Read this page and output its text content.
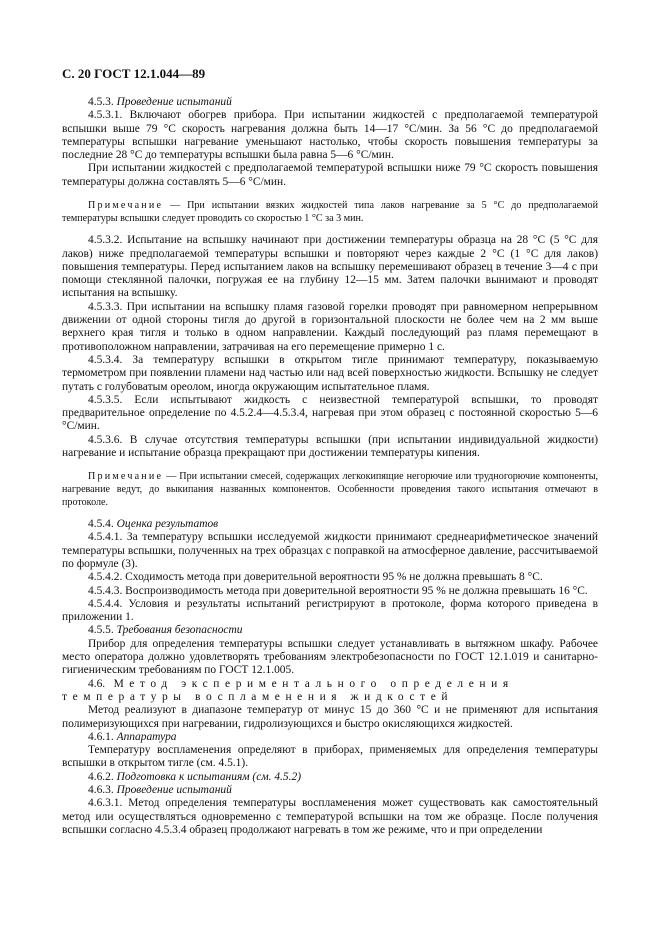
С. 20 ГОСТ 12.1.044—89

4.5.3. Проведение испытаний

4.5.3.1. Включают обогрев прибора. При испытании жидкостей с предполагаемой температурой вспышки выше 79 °С скорость нагревания должна быть 14—17 °С/мин. За 56 °С до предполагаемой температуры вспышки нагревание уменьшают настолько, чтобы скорость повышения температуры за последние 28 °С до температуры вспышки была равна 5—6 °С/мин.

При испытании жидкостей с предполагаемой температурой вспышки ниже 79 °С скорость повышения температуры должна составлять 5—6 °С/мин.

Примечание — При испытании вязких жидкостей типа лаков нагревание за 5 °С до предполагаемой температуры вспышки следует проводить со скоростью 1 °С за 3 мин.

4.5.3.2. Испытание на вспышку начинают при достижении температуры образца на 28 °С (5 °С для лаков) ниже предполагаемой температуры вспышки и повторяют через каждые 2 °С (1 °С для лаков) повышения температуры. Перед испытанием лаков на вспышку перемешивают образец в течение 3—4 с при помощи стеклянной палочки, погружая ее на глубину 12—15 мм. Затем палочки вынимают и проводят испытания на вспышку.

4.5.3.3. При испытании на вспышку пламя газовой горелки проводят при равномерном непрерывном движении от одной стороны тигля до другой в горизонтальной плоскости не более чем на 2 мм выше верхнего края тигля и только в одном направлении. Каждый последующий раз пламя перемещают в противоположном направлении, затрачивая на его перемещение примерно 1 с.

4.5.3.4. За температуру вспышки в открытом тигле принимают температуру, показываемую термометром при появлении пламени над частью или над всей поверхностью жидкости. Вспышку не следует путать с голубоватым ореолом, иногда окружающим испытательное пламя.

4.5.3.5. Если испытывают жидкость с неизвестной температурой вспышки, то проводят предварительное определение по 4.5.2.4—4.5.3.4, нагревая при этом образец с постоянной скоростью 5—6 °С/мин.

4.5.3.6. В случае отсутствия температуры вспышки (при испытании индивидуальной жидкости) нагревание и испытание образца прекращают при достижении температуры кипения.

Примечание — При испытании смесей, содержащих легкокипящие негорючие или трудногорючие компоненты, нагревание ведут, до выкипания названных компонентов. Особенности проведения такого испытания отмечают в протоколе.

4.5.4. Оценка результатов

4.5.4.1. За температуру вспышки исследуемой жидкости принимают среднеарифметическое значений температуры вспышки, полученных на трех образцах с поправкой на атмосферное давление, рассчитываемой по формуле (3).

4.5.4.2. Сходимость метода при доверительной вероятности 95 % не должна превышать 8 °С.

4.5.4.3. Воспроизводимость метода при доверительной вероятности 95 % не должна превышать 16 °С.

4.5.4.4. Условия и результаты испытаний регистрируют в протоколе, форма которого приведена в приложении 1.

4.5.5. Требования безопасности

Прибор для определения температуры вспышки следует устанавливать в вытяжном шкафу. Рабочее место оператора должно удовлетворять требованиям электробезопасности по ГОСТ 12.1.019 и санитарно-гигиеническим требованиям по ГОСТ 12.1.005.

4.6. Метод экспериментального определения температуры воспламенения жидкостей

Метод реализуют в диапазоне температур от минус 15 до 360 °С и не применяют для испытания полимеризующихся при нагревании, гидролизующихся и быстро окисляющихся жидкостей.

4.6.1. Аппаратура

Температуру воспламенения определяют в приборах, применяемых для определения температуры вспышки в открытом тигле (см. 4.5.1).

4.6.2. Подготовка к испытаниям (см. 4.5.2)

4.6.3. Проведение испытаний

4.6.3.1. Метод определения температуры воспламенения может существовать как самостоятельный метод или осуществляться одновременно с температурой вспышки на том же образце. После получения вспышки согласно 4.5.3.4 образец продолжают нагревать в том же режиме, что и при определении
